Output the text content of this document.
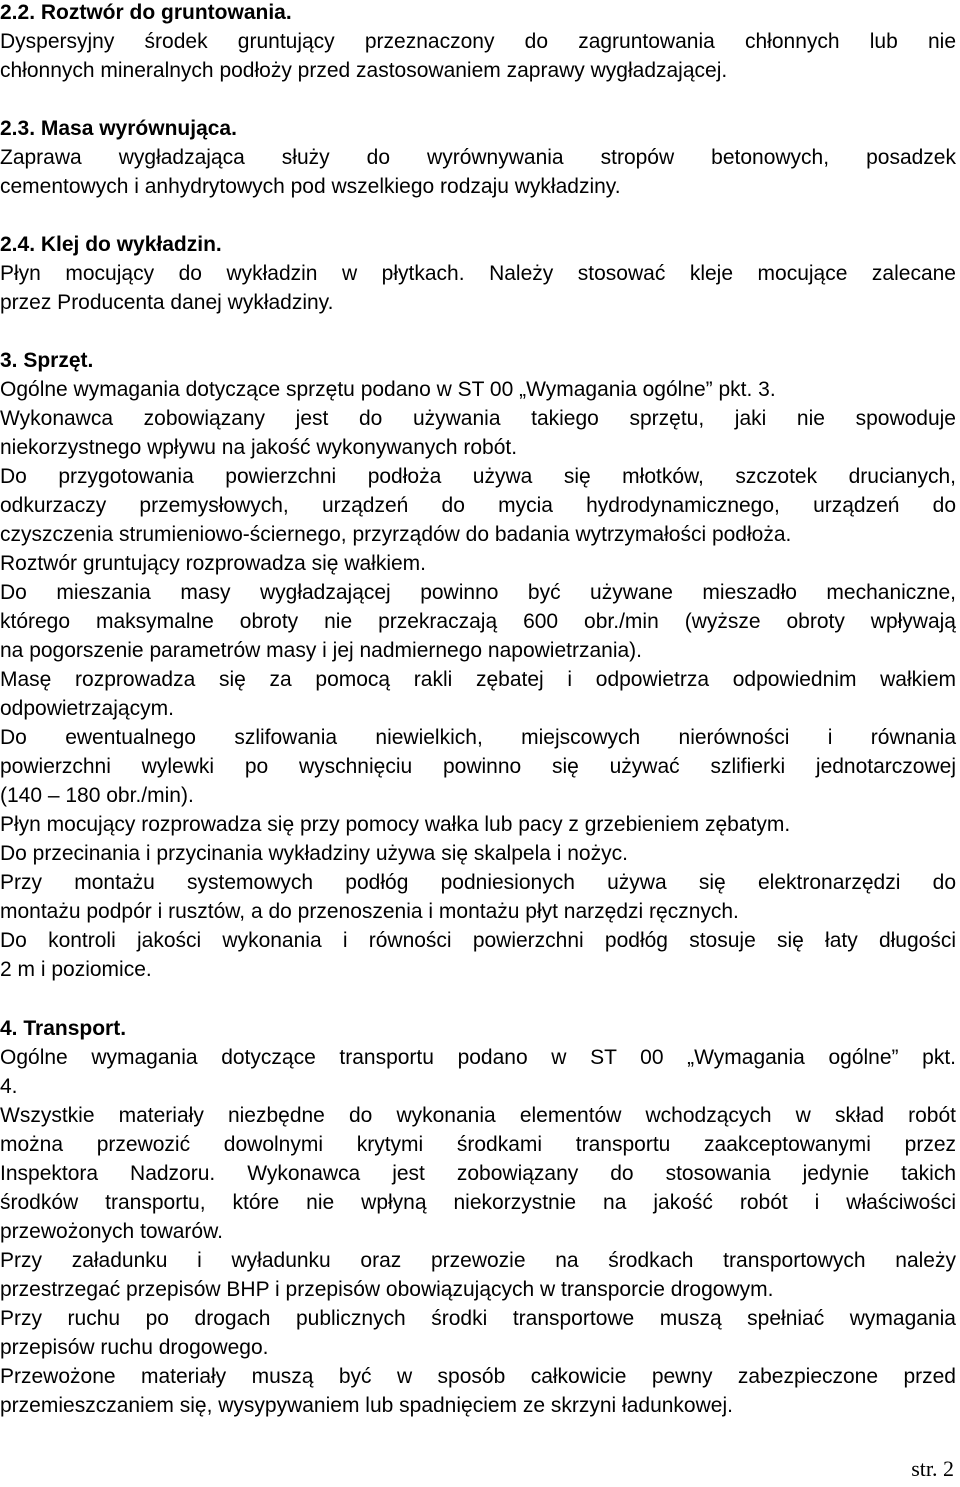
2.2. Roztwór do gruntowania.
Dyspersyjny środek gruntujący przeznaczony do zagruntowania chłonnych lub nie
chłonnych mineralnych podłoży przed zastosowaniem zaprawy wygładzającej.
2.3. Masa wyrównująca.
Zaprawa wygładzająca służy do wyrównywania stropów betonowych, posadzek
cementowych i anhydrytowych pod wszelkiego rodzaju wykładziny.
2.4. Klej do wykładzin.
Płyn mocujący do wykładzin w płytkach. Należy stosować kleje mocujące zalecane
przez Producenta danej wykładziny.
3. Sprzęt.
Ogólne wymagania dotyczące sprzętu podano w ST 00 „Wymagania ogólne” pkt. 3.
Wykonawca zobowiązany jest do używania takiego sprzętu, jaki nie spowoduje
niekorzystnego wpływu na jakość wykonywanych robót.
Do przygotowania powierzchni podłoża używa się młotków, szczotek drucianych,
odkurzaczy przemysłowych, urządzeń do mycia hydrodynamicznego, urządzeń do
czyszczenia strumieniowo-ściernego, przyrządów do badania wytrzymałości podłoża.
Roztwór gruntujący rozprowadza się wałkiem.
Do mieszania masy wygładzającej powinno być używane mieszadło mechaniczne,
którego maksymalne obroty nie przekraczają 600 obr./min (wyższe obroty wpływają
na pogorszenie parametrów masy i jej nadmiernego napowietrzania).
Masę rozprowadza się za pomocą rakli zębatej i odpowietrza odpowiednim wałkiem
odpowietrzającym.
Do ewentualnego szlifowania niewielkich, miejscowych nierówności i równania
powierzchni wylewki po wyschnięciu powinno się używać szlifierki jednotarczowej
(140 – 180 obr./min).
Płyn mocujący rozprowadza się przy pomocy wałka lub pacy z grzebieniem zębatym.
Do przecinania i przycinania wykładziny używa się skalpela i nożyc.
Przy montażu systemowych podłóg podniesionych używa się elektronarzędzi do
montażu podpór i rusztów, a do przenoszenia i montażu płyt narzędzi ręcznych.
Do kontroli jakości wykonania i równości powierzchni podłóg stosuje się łaty długości
2 m i poziomice.
4. Transport.
Ogólne wymagania dotyczące transportu podano w ST 00 „Wymagania ogólne” pkt.
4.
Wszystkie materiały niezbędne do wykonania elementów wchodzących w skład robót
można przewozić dowolnymi krytymi środkami transportu zaakceptowanymi przez
Inspektora Nadzoru. Wykonawca jest zobowiązany do stosowania jedynie takich
środków transportu, które nie wpłyną niekorzystnie na jakość robót i właściwości
przewożonych towarów.
Przy załadunku i wyładunku oraz przewozie na środkach transportowych należy
przestrzegać przepisów BHP i przepisów obowiązujących w transporcie drogowym.
Przy ruchu po drogach publicznych środki transportowe muszą spełniać wymagania
przepisów ruchu drogowego.
Przewożone materiały muszą być w sposób całkowicie pewny zabezpieczone przed
przemieszczaniem się, wysypywaniem lub spadnięciem ze skrzyni ładunkowej.
str. 2
